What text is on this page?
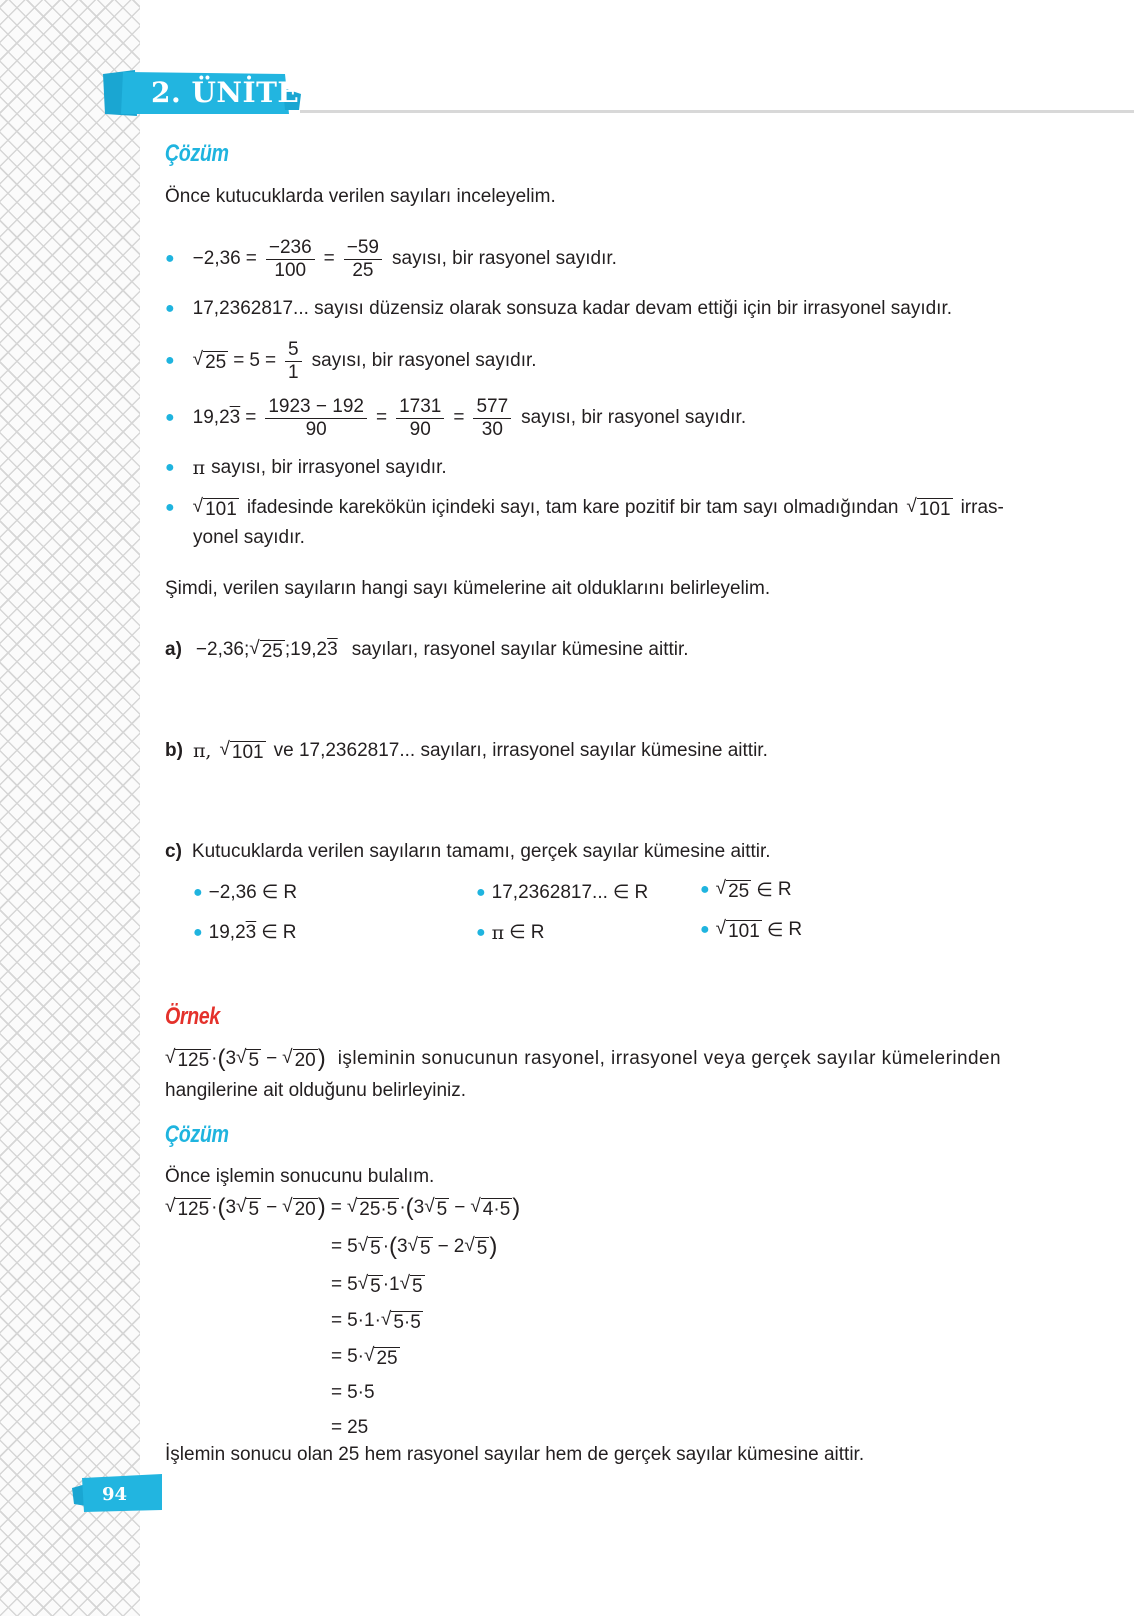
2. ÜNİTE
Çözüm
Önce kutucuklarda verilen sayıları inceleyelim.
● $-2,36 = \frac{-236}{100} = \frac{-59}{25}$ sayısı, bir rasyonel sayıdır.
● 17,2362817... sayısı düzensiz olarak sonsuza kadar devam ettiği için bir irrasyonel sayıdır.
● √ $25 = 5 = \frac{5}{1}$ sayısı, bir rasyonel sayıdır.
● $19,23 = \frac{1923 - 192}{90} = \frac{1731}{90} = \frac{577}{30}$ sayısı, bir rasyonel sayıdır.
● π sayısı, bir irrasyonel sayıdır.
● √ 101 ifadesinde karekökün içindeki sayı, tam kare pozitif bir tam sayı olmadığından √ 101 irras-
yonel sayıdır.
Şimdi, verilen sayıların hangi sayı kümelerine ait olduklarını belirleyelim.
a) −2,36; √ 25 ;19,23 sayıları, rasyonel sayılar kümesine aittir.
b) π, √ 101 ve 17,2362817... sayıları, irrasyonel sayılar kümesine aittir.
c) Kutucuklarda verilen sayıların tamamı, gerçek sayılar kümesine aittir.
● −2,36 ∈ R	● 17,2362817... ∈ R	● √ 25 ∈ R
● 19,2 3 ∈ R	● π ∈ R	● √ 101 ∈ R
Örnek
√ 125 · ( 3 √ 5 − √ 20 ) işleminin sonucunun rasyonel, irrasyonel veya gerçek sayılar kümelerinden
hangilerine ait olduğunu belirleyiniz.
Çözüm
Önce işlemin sonucunu bulalım.
√ 125 · ( 3 √ 5 − √ 20 ) = √ 25·5 · ( 3 √ 5 − √ 4·5 )
= 5 √ 5 · ( 3 √ 5 − 2 √ 5 )
= 5 √ 5 · 1 √ 5
= 5·1· √ 5·5
= 5· √ 25
= 5·5
= 25
İşlemin sonucu olan 25 hem rasyonel sayılar hem de gerçek sayılar kümesine aittir.
94
